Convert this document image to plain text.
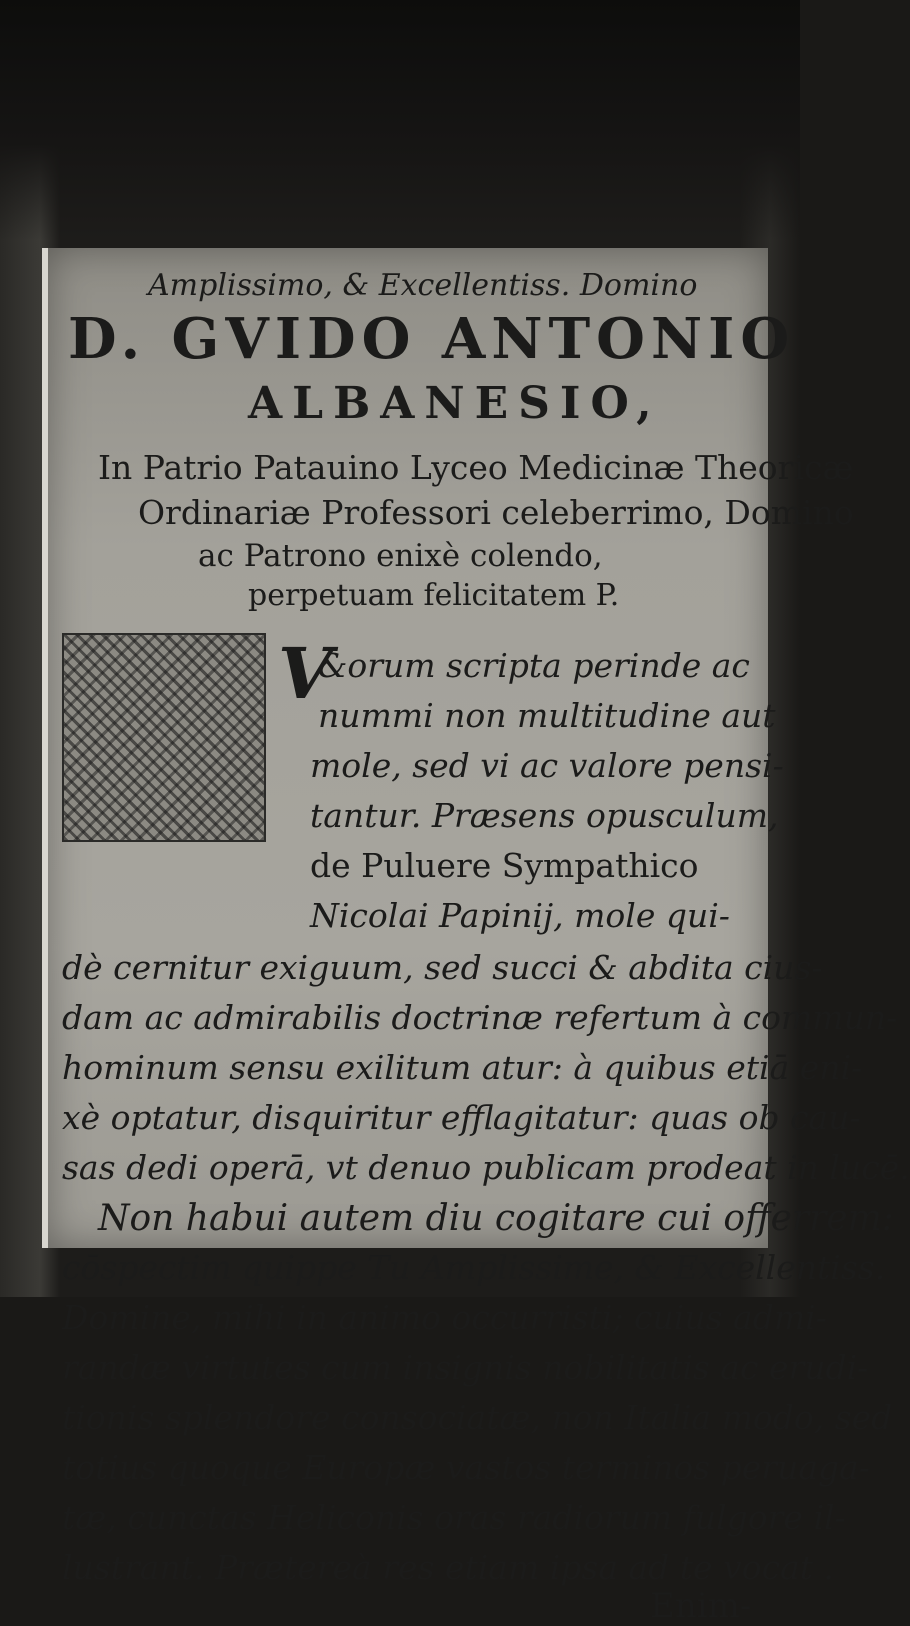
Amplissimo, & Excellentiss. Domino
D. GVIDO ANTONIO
ALBANESIO,
In Patrio Patauino Lyceo Medicinæ Theoricæ
Ordinariæ Professori celeberrimo, Domino
ac Patrono enixè colendo,
perpetuam felicitatem P.
V
&orum scripta perinde ac
nummi non multitudine aut
mole, sed vi ac valore pensi-
tantur. Præsens opusculum,
de Puluere Sympathico
Nicolai Papinij, mole qui-
dè cernitur exiguum, sed succi & abdita cius-
dam ac admirabilis doctrinæ refertum à commun-
hominum sensu exilitum atur: à quibus etiā eni-
xè optatur, disquiritur efflagitatur: quas ob cau-
sas dedi operā, vt denuo publicam prodeat in lucē.
Non habui autem diu cogitare cui offerrem:
cōspectim quippe Tu Amplissime, & Excellentiss.
Domine, mihi in animo occurristi; cuius admi-
randæ virtutes cum insignis nobilitatis ac erudi-
tionis splendore consociatæ, non Italia modo, sed
totius quoque Europæ vastos terminos peruaga-
tæ, cunctas Heliconis oras radiorum fulgore il-
lustrant. Prætereà res etiam ipsa ad te vocat .
Enim-
